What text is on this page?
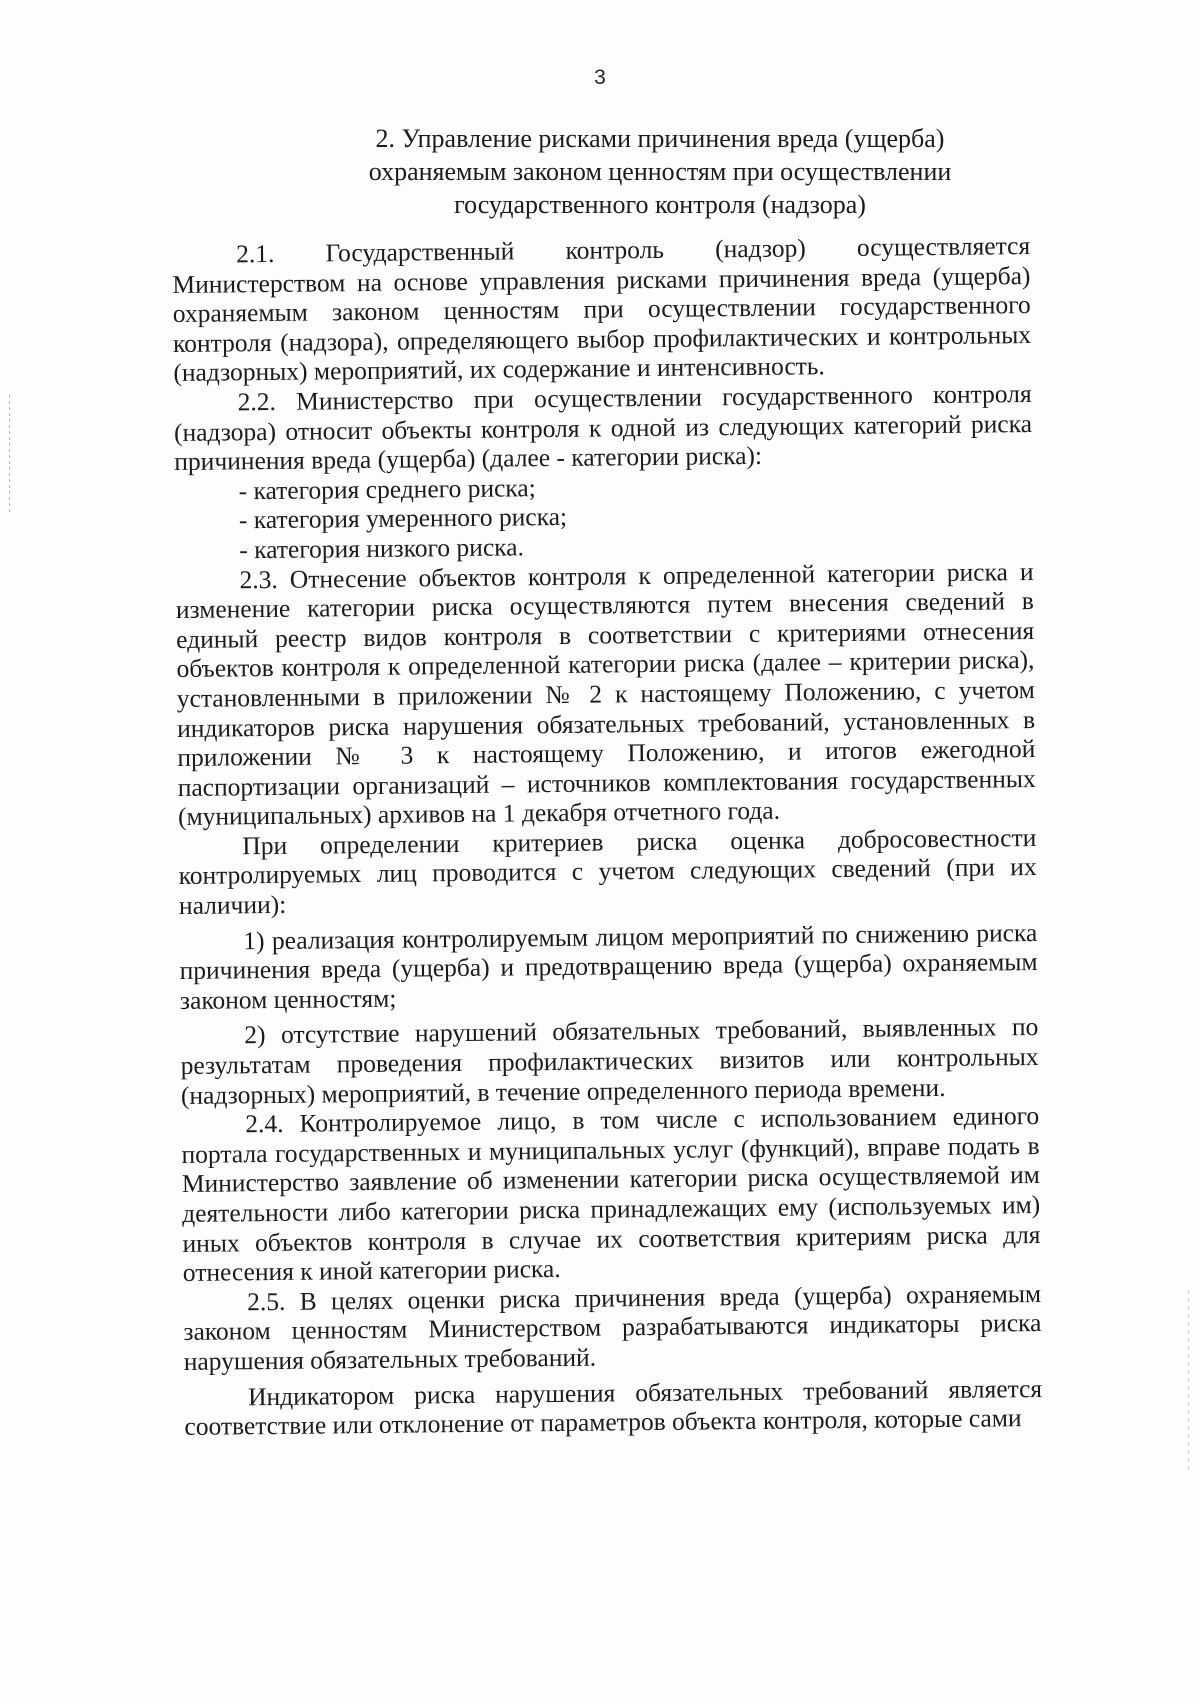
3
2. Управление рисками причинения вреда (ущерба)
охраняемым законом ценностям при осуществлении
государственного контроля (надзора)

2.1. Государственный контроль (надзор) осуществляется Министерством на основе управления рисками причинения вреда (ущерба) охраняемым законом ценностям при осуществлении государственного контроля (надзора), определяющего выбор профилактических и контрольных (надзорных) мероприятий, их содержание и интенсивность.

2.2. Министерство при осуществлении государственного контроля (надзора) относит объекты контроля к одной из следующих категорий риска причинения вреда (ущерба) (далее - категории риска):

- категория среднего риска;

- категория умеренного риска;

- категория низкого риска.

2.3. Отнесение объектов контроля к определенной категории риска и изменение категории риска осуществляются путем внесения сведений в единый реестр видов контроля в соответствии с критериями отнесения объектов контроля к определенной категории риска (далее – критерии риска), установленными в приложении № 2 к настоящему Положению, с учетом индикаторов риска нарушения обязательных требований, установленных в приложении № 3 к настоящему Положению, и итогов ежегодной паспортизации организаций – источников комплектования государственных (муниципальных) архивов на 1 декабря отчетного года.

При определении критериев риска оценка добросовестности контролируемых лиц проводится с учетом следующих сведений (при их наличии):

1) реализация контролируемым лицом мероприятий по снижению риска причинения вреда (ущерба) и предотвращению вреда (ущерба) охраняемым законом ценностям;

2) отсутствие нарушений обязательных требований, выявленных по результатам проведения профилактических визитов или контрольных (надзорных) мероприятий, в течение определенного периода времени.

2.4. Контролируемое лицо, в том числе с использованием единого портала государственных и муниципальных услуг (функций), вправе подать в Министерство заявление об изменении категории риска осуществляемой им деятельности либо категории риска принадлежащих ему (используемых им) иных объектов контроля в случае их соответствия критериям риска для отнесения к иной категории риска.

2.5. В целях оценки риска причинения вреда (ущерба) охраняемым законом ценностям Министерством разрабатываются индикаторы риска нарушения обязательных требований.

Индикатором риска нарушения обязательных требований является соответствие или отклонение от параметров объекта контроля, которые сами
